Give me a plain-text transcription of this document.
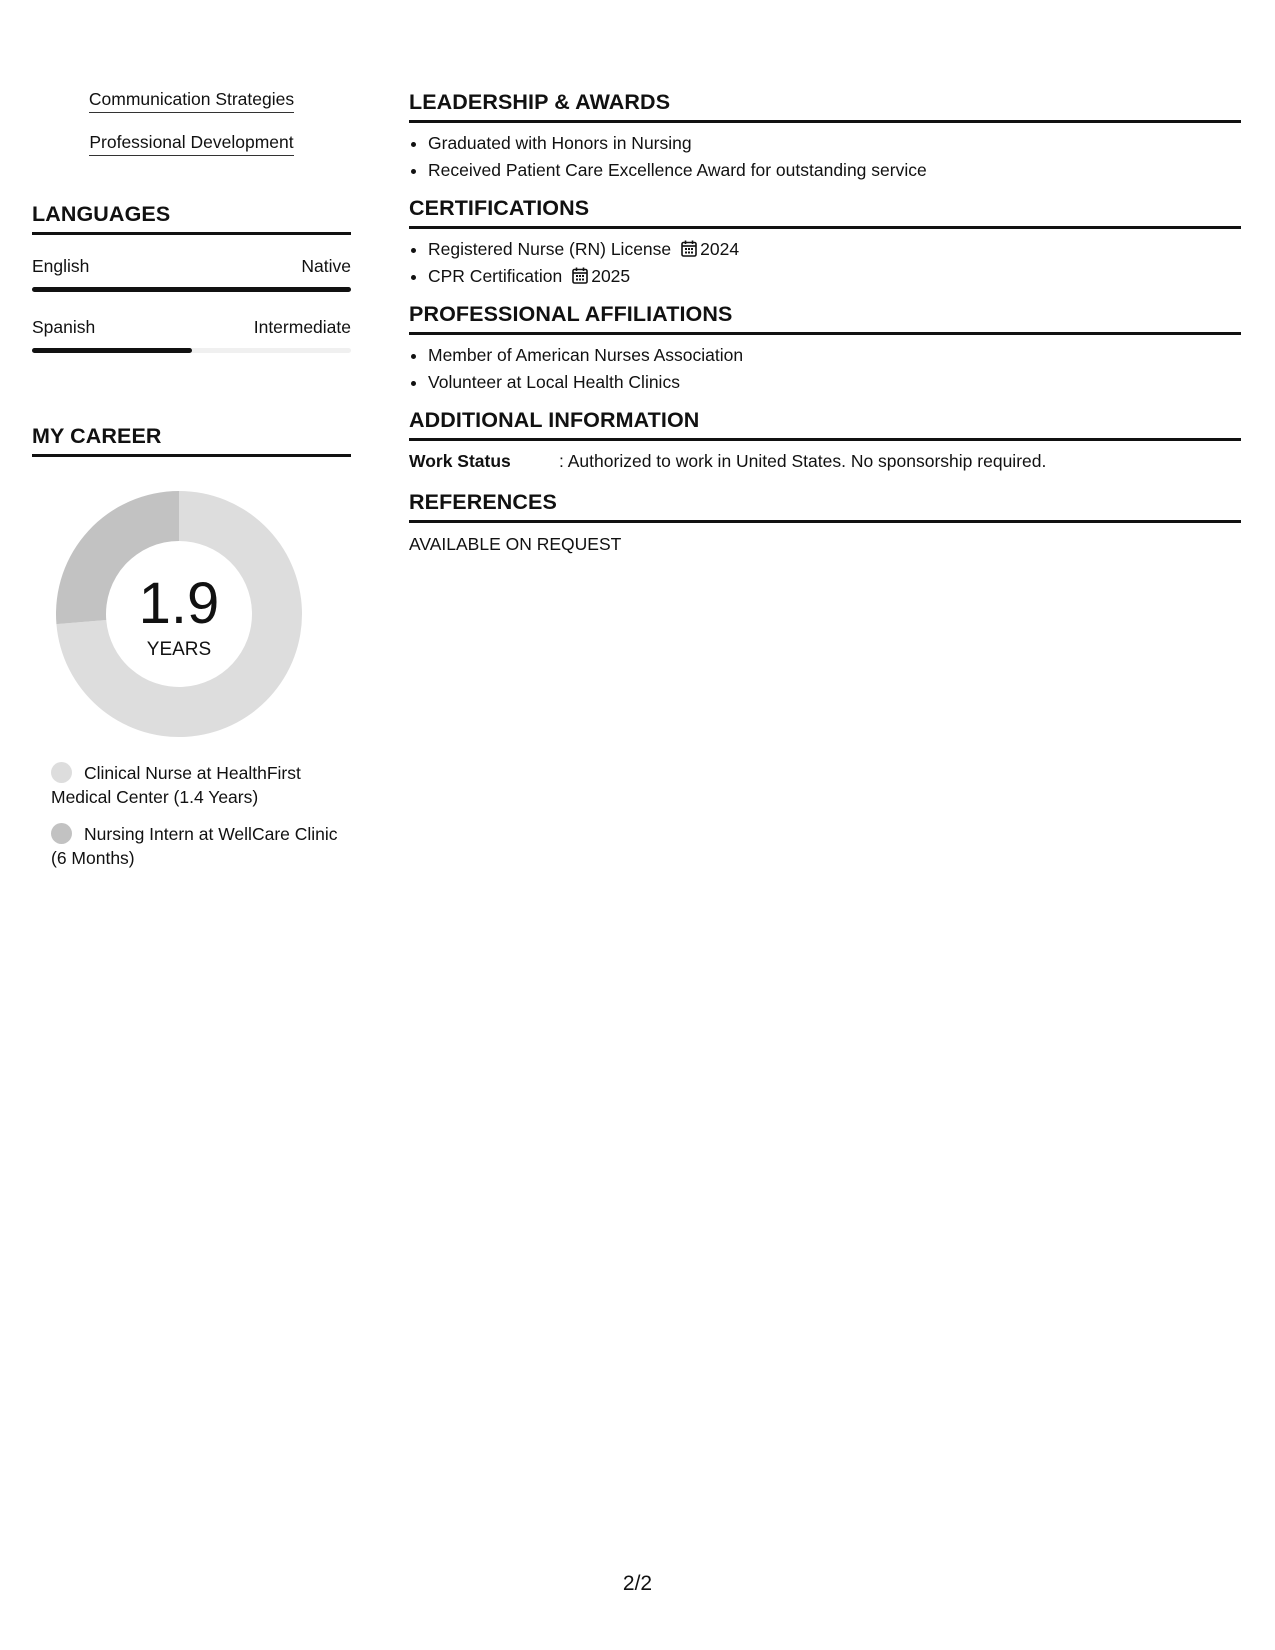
Communication Strategies
Professional Development
LANGUAGES
English	Native
Spanish	Intermediate
MY CAREER
1.9
YEARS
Clinical Nurse at HealthFirst Medical Center (1.4 Years)
Nursing Intern at WellCare Clinic (6 Months)
LEADERSHIP & AWARDS
• Graduated with Honors in Nursing
• Received Patient Care Excellence Award for outstanding service
CERTIFICATIONS
• Registered Nurse (RN) License 2024
• CPR Certification 2025
PROFESSIONAL AFFILIATIONS
• Member of American Nurses Association
• Volunteer at Local Health Clinics
ADDITIONAL INFORMATION
Work Status	: Authorized to work in United States. No sponsorship required.
REFERENCES
AVAILABLE ON REQUEST
2/2
